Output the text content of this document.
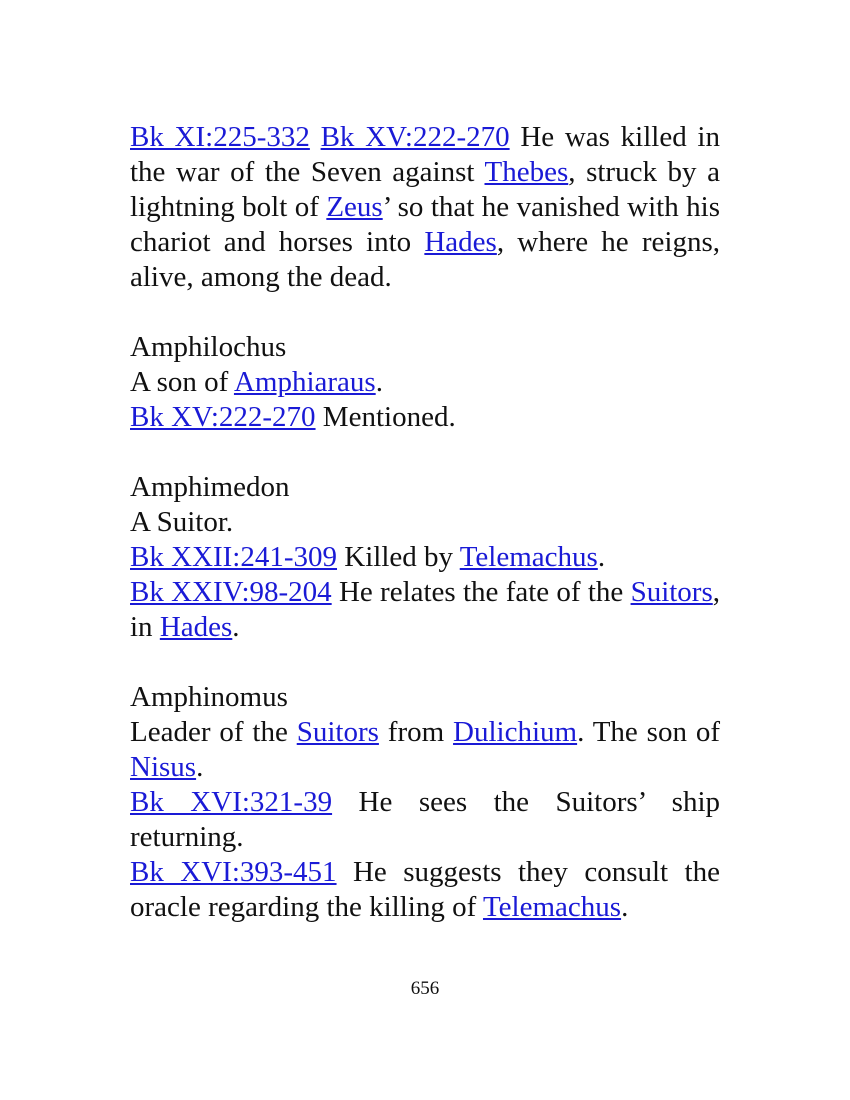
Bk XI:225-332 Bk XV:222-270 He was killed in the war of the Seven against Thebes, struck by a lightning bolt of Zeus’ so that he vanished with his chariot and horses into Hades, where he reigns, alive, among the dead.

Amphilochus

A son of Amphiaraus.

Bk XV:222-270 Mentioned.

Amphimedon

A Suitor.

Bk XXII:241-309 Killed by Telemachus.

Bk XXIV:98-204 He relates the fate of the Suitors, in Hades.

Amphinomus

Leader of the Suitors from Dulichium. The son of Nisus.

Bk XVI:321-39 He sees the Suitors’ ship returning.

Bk XVI:393-451 He suggests they consult the oracle regarding the killing of Telemachus.

656
